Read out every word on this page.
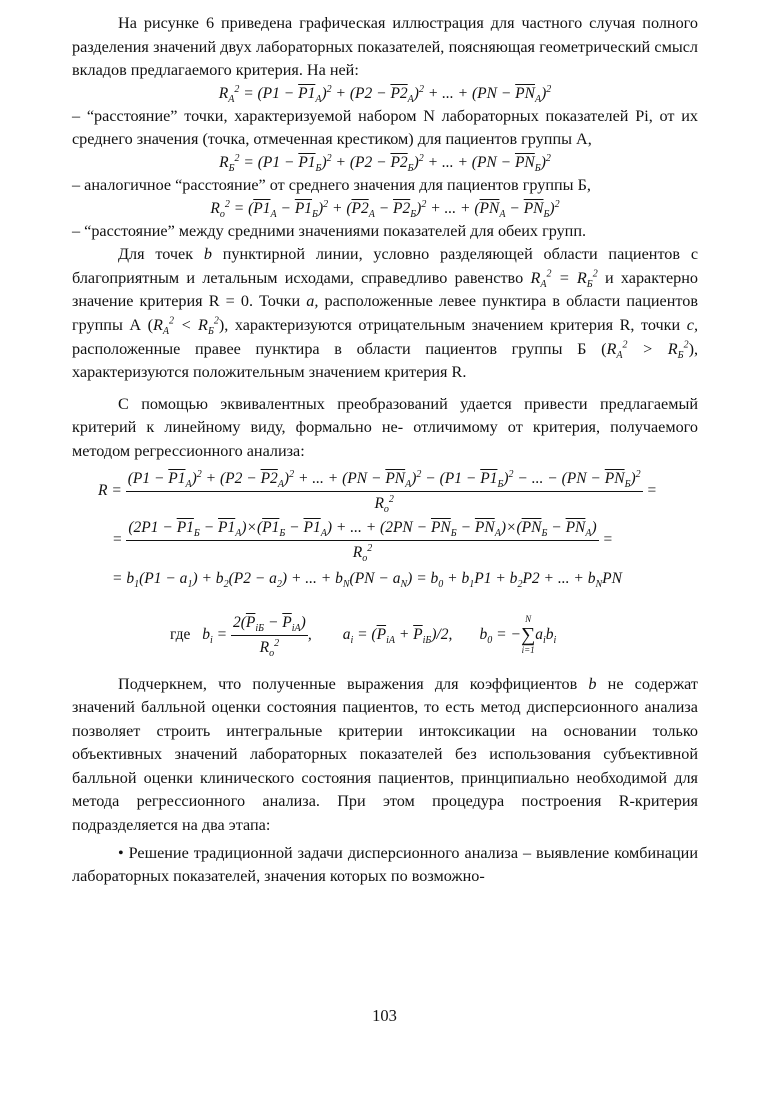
На рисунке 6 приведена графическая иллюстрация для частного случая полного разделения значений двух лабораторных показателей, поясняющая геометрический смысл вкладов предлагаемого критерия. На ней:

$R_A^2 = (P1 - P1_A)^2 + (P2 - P2_A)^2$ + ... + $(PN - \overline{PN}_A)^2$

– “расстояние” точки, характеризуемой набором N лабораторных показателей Pi, от их среднего значения (точка, отмеченная крестиком) для пациентов группы А,

$R_Б^2 = (P1 - P1_Б)^2 + (P2 - P2_Б)^2$ + ... + $(PN - \overline{PN}_Б)^2$

– аналогичное “расстояние” от среднего значения для пациентов группы Б,

$R_o^2 = (P1_A - P1_Б)^2 + (P2_A - P2_Б)^2$ + ... + $(\overline{PN}_A - \overline{PN}_Б)^2$

– “расстояние” между средними значениями показателей для обеих групп.

Для точек b пунктирной линии, условно разделяющей области пациентов с благоприятным и летальным исходами, справедливо равенство $R_A^2 = R_Б^2$ и характерно значение критерия R = 0. Точки a, расположенные левее пунктира в области пациентов группы А $(R_A^2 < R_Б^2)$, характеризуются отрицательным значением критерия R, точки c, расположенные правее пунктира в области пациентов группы Б $(R_A^2 > R_Б^2)$, характеризуются положительным значением критерия R.

С помощью эквивалентных преобразований удается привести предлагаемый критерий к линейному виду, формально не- отличимому от критерия, получаемого методом регрессионного анализа:

R =
$(P1 - P1_A)^2 + (P2 - P2_A)^2$ + ... + $(PN - \overline{PN}_A)^2 - (P1 - P1_Б)^2$ − ... − $(PN - \overline{PN}_Б)^2$
$R_o^2$
=
=
$(2P1 - P1_Б - P1_A)\times(P1_Б - P1_A)$ + ... + $(2PN - \overline{PN}_Б - \overline{PN}_A)\times(\overline{PN}_Б - \overline{PN}_A)$
$R_o^2$
=
= $b_1(P1 - a_1) + b_2(P2 - a_2)$ + ... + $b_N(PN - a_N) = b_0 + b_1P1 + b_2P2$ + ... + $b_NPN$
где $b_i = \frac{2(\overline{P}_{iБ} - \overline{P}_{iA})}{R_o^2}$ ,        $a_i = (\overline{P}_{iA} + \overline{P}_{iБ})/2$,       $b_0 = -N$
∑
$i=1a_ib_i$

Подчеркнем, что полученные выражения для коэффициентов b не содержат значений балльной оценки состояния пациентов, то есть метод дисперсионного анализа позволяет строить интегральные критерии интоксикации на основании только объективных значений лабораторных показателей без использования субъективной балльной оценки клинического состояния пациентов, принципиально необходимой для метода регрессионного анализа. При этом процедура построения R-критерия подразделяется на два этапа:

• Решение традиционной задачи дисперсионного анализа – выявление комбинации лабораторных показателей, значения которых по возможно-

103
